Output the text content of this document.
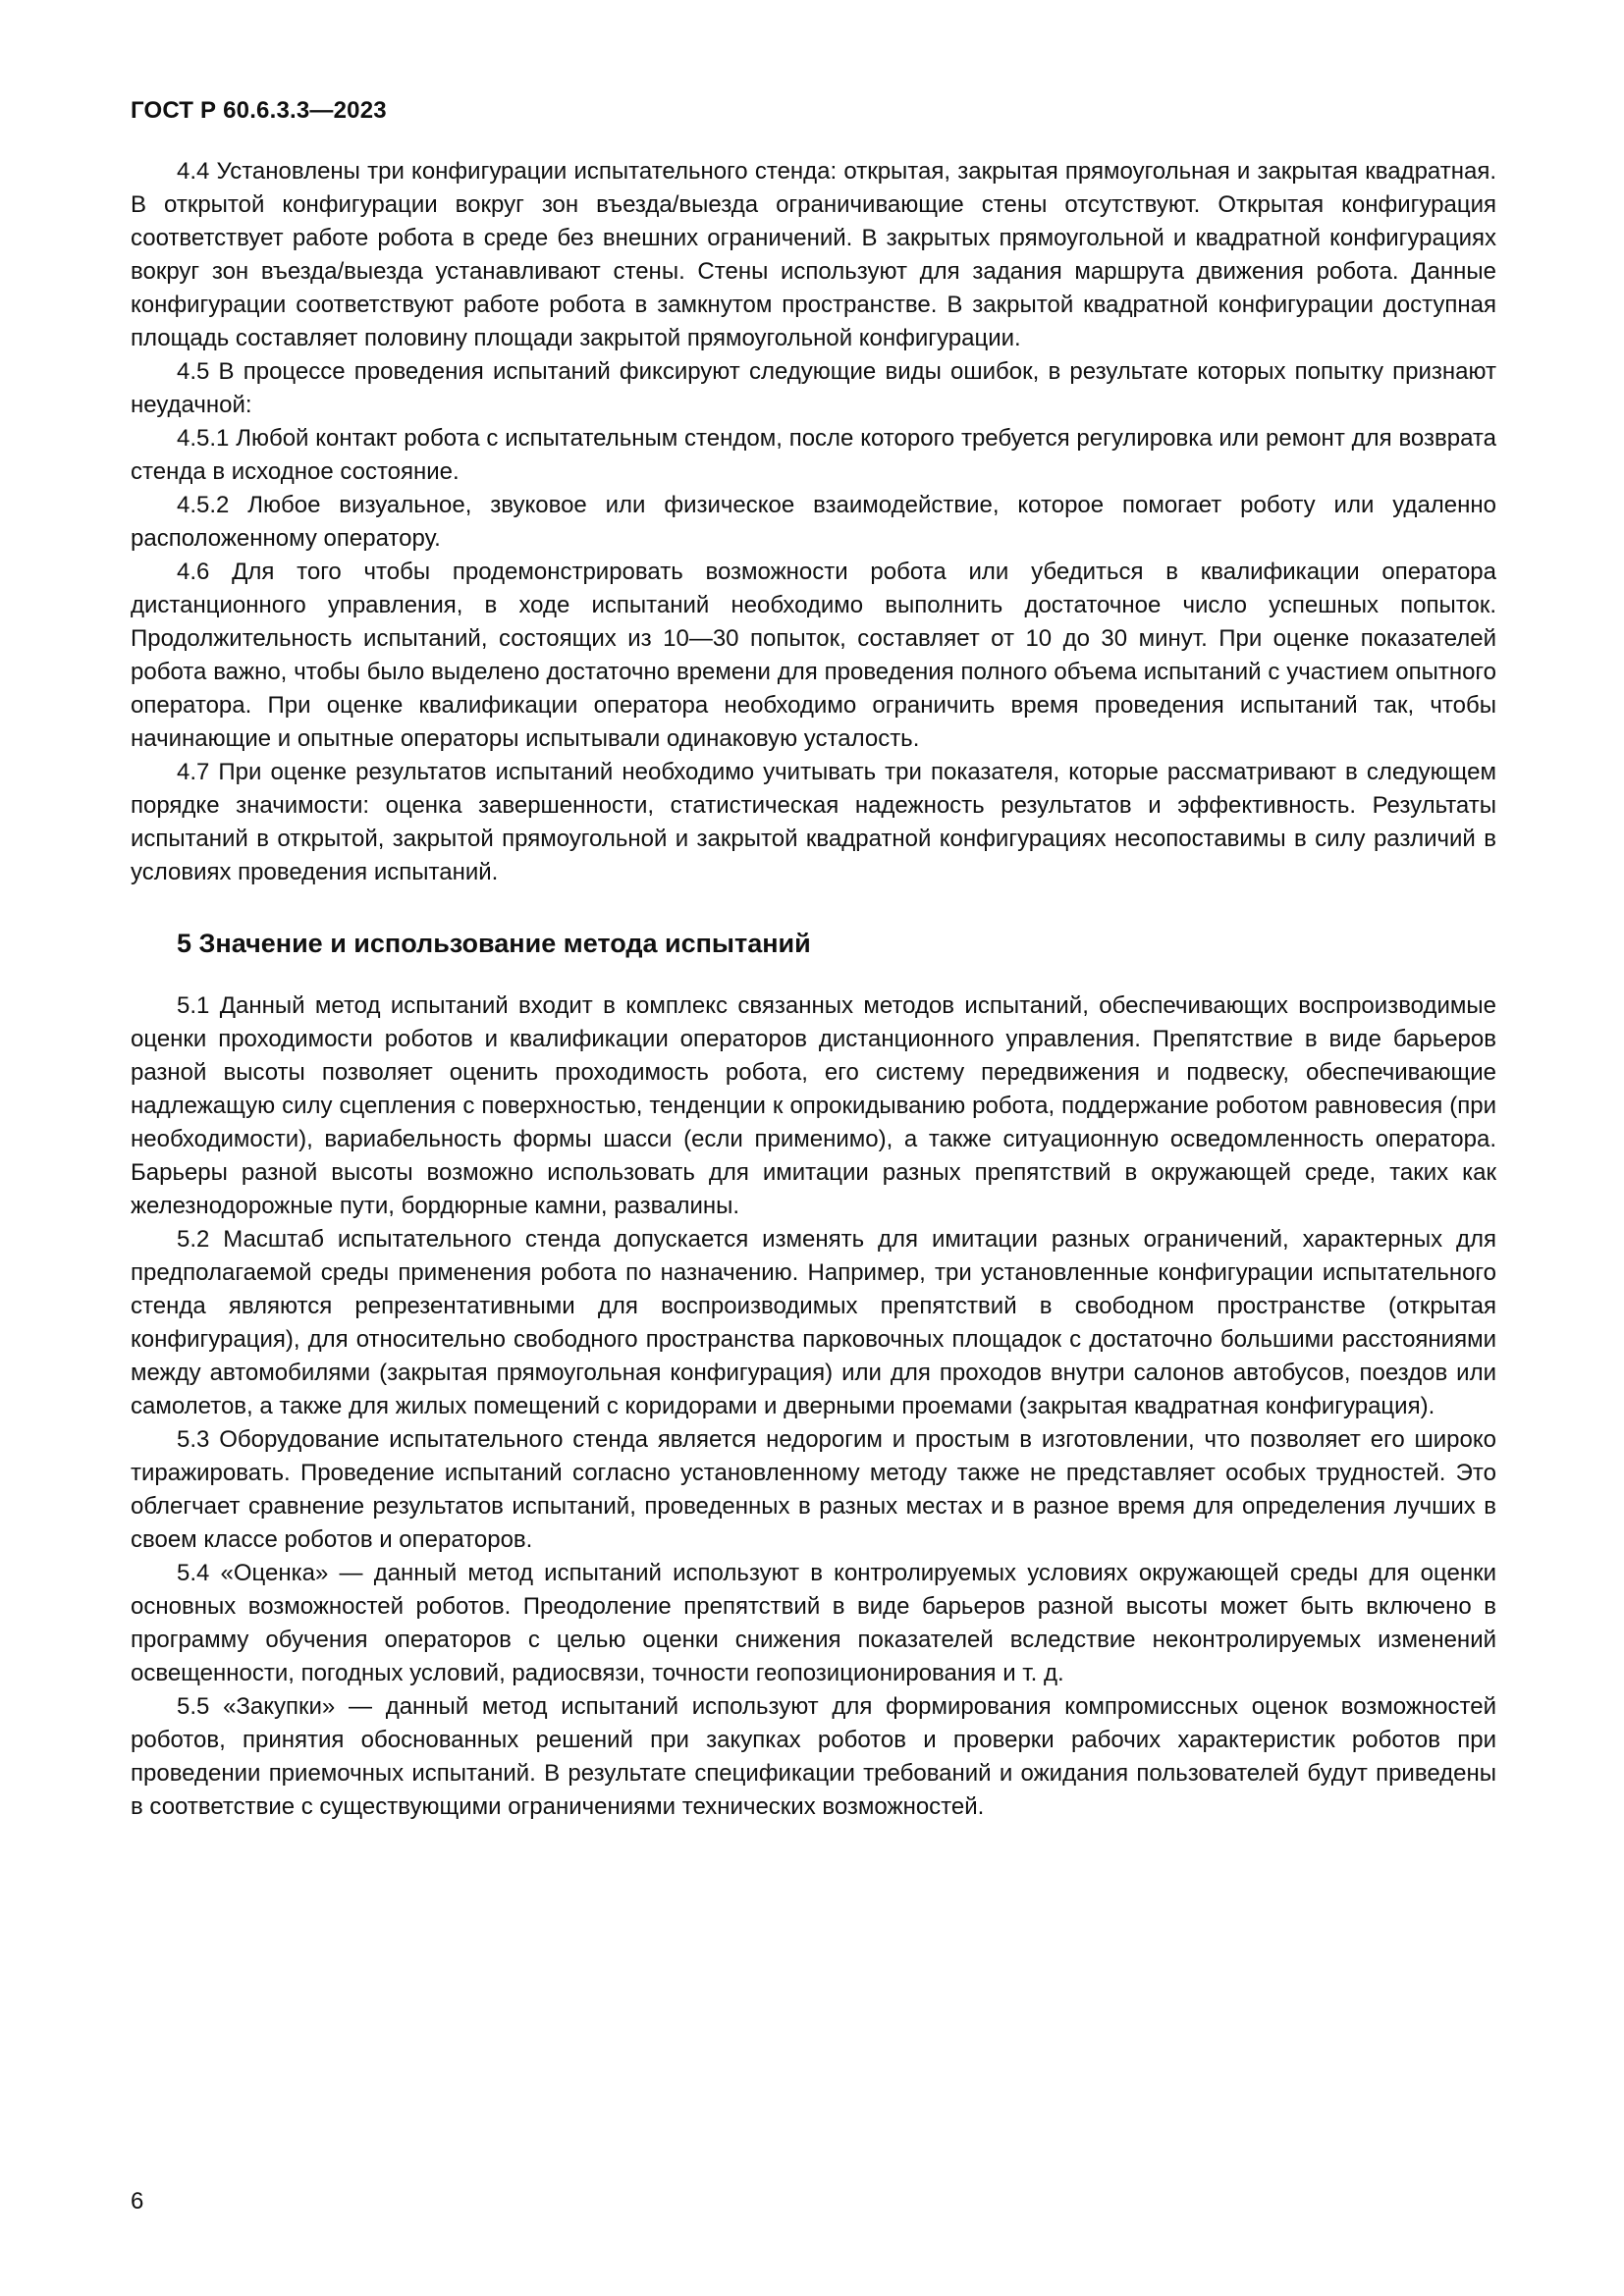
ГОСТ Р 60.6.3.3—2023

4.4 Установлены три конфигурации испытательного стенда: открытая, закрытая прямоугольная и закрытая квадратная. В открытой конфигурации вокруг зон въезда/выезда ограничивающие стены отсутствуют. Открытая конфигурация соответствует работе робота в среде без внешних ограничений. В закрытых прямоугольной и квадратной конфигурациях вокруг зон въезда/выезда устанавливают стены. Стены используют для задания маршрута движения робота. Данные конфигурации соответствуют работе робота в замкнутом пространстве. В закрытой квадратной конфигурации доступная площадь составляет половину площади закрытой прямоугольной конфигурации.

4.5 В процессе проведения испытаний фиксируют следующие виды ошибок, в результате которых попытку признают неудачной:

4.5.1 Любой контакт робота с испытательным стендом, после которого требуется регулировка или ремонт для возврата стенда в исходное состояние.

4.5.2 Любое визуальное, звуковое или физическое взаимодействие, которое помогает роботу или удаленно расположенному оператору.

4.6 Для того чтобы продемонстрировать возможности робота или убедиться в квалификации оператора дистанционного управления, в ходе испытаний необходимо выполнить достаточное число успешных попыток. Продолжительность испытаний, состоящих из 10—30 попыток, составляет от 10 до 30 минут. При оценке показателей робота важно, чтобы было выделено достаточно времени для проведения полного объема испытаний с участием опытного оператора. При оценке квалификации оператора необходимо ограничить время проведения испытаний так, чтобы начинающие и опытные операторы испытывали одинаковую усталость.

4.7 При оценке результатов испытаний необходимо учитывать три показателя, которые рассматривают в следующем порядке значимости: оценка завершенности, статистическая надежность результатов и эффективность. Результаты испытаний в открытой, закрытой прямоугольной и закрытой квадратной конфигурациях несопоставимы в силу различий в условиях проведения испытаний.

5 Значение и использование метода испытаний

5.1 Данный метод испытаний входит в комплекс связанных методов испытаний, обеспечивающих воспроизводимые оценки проходимости роботов и квалификации операторов дистанционного управления. Препятствие в виде барьеров разной высоты позволяет оценить проходимость робота, его систему передвижения и подвеску, обеспечивающие надлежащую силу сцепления с поверхностью, тенденции к опрокидыванию робота, поддержание роботом равновесия (при необходимости), вариабельность формы шасси (если применимо), а также ситуационную осведомленность оператора. Барьеры разной высоты возможно использовать для имитации разных препятствий в окружающей среде, таких как железнодорожные пути, бордюрные камни, развалины.

5.2 Масштаб испытательного стенда допускается изменять для имитации разных ограничений, характерных для предполагаемой среды применения робота по назначению. Например, три установленные конфигурации испытательного стенда являются репрезентативными для воспроизводимых препятствий в свободном пространстве (открытая конфигурация), для относительно свободного пространства парковочных площадок с достаточно большими расстояниями между автомобилями (закрытая прямоугольная конфигурация) или для проходов внутри салонов автобусов, поездов или самолетов, а также для жилых помещений с коридорами и дверными проемами (закрытая квадратная конфигурация).

5.3 Оборудование испытательного стенда является недорогим и простым в изготовлении, что позволяет его широко тиражировать. Проведение испытаний согласно установленному методу также не представляет особых трудностей. Это облегчает сравнение результатов испытаний, проведенных в разных местах и в разное время для определения лучших в своем классе роботов и операторов.

5.4 «Оценка» — данный метод испытаний используют в контролируемых условиях окружающей среды для оценки основных возможностей роботов. Преодоление препятствий в виде барьеров разной высоты может быть включено в программу обучения операторов с целью оценки снижения показателей вследствие неконтролируемых изменений освещенности, погодных условий, радиосвязи, точности геопозиционирования и т. д.

5.5 «Закупки» — данный метод испытаний используют для формирования компромиссных оценок возможностей роботов, принятия обоснованных решений при закупках роботов и проверки рабочих характеристик роботов при проведении приемочных испытаний. В результате спецификации требований и ожидания пользователей будут приведены в соответствие с существующими ограничениями технических возможностей.

6
